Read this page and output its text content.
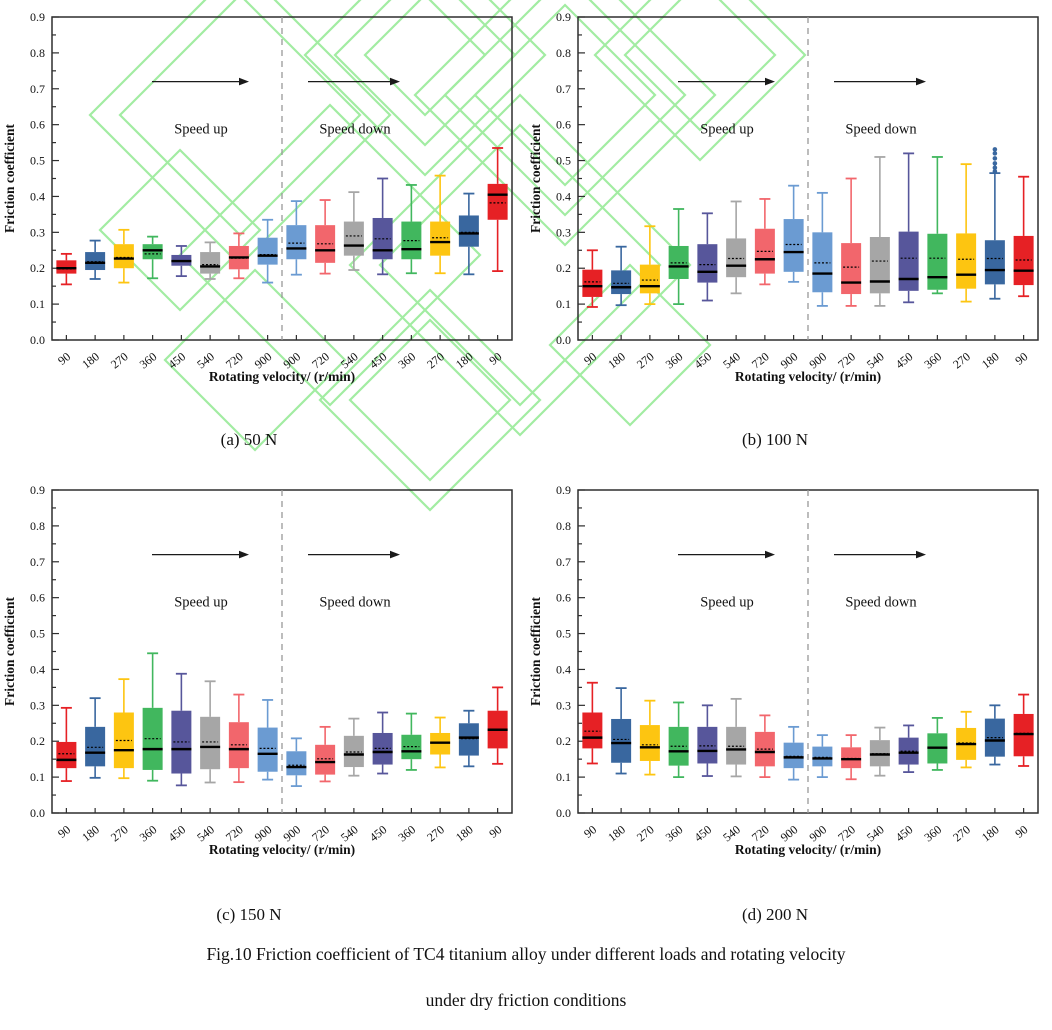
0.0
0.1
0.2
0.3
0.4
0.5
0.6
0.7
0.8
0.9
90 180 270 360 450 540 720 900 900 720 540 450 360 270 180 90
Rotating velocity/ (r/min)
Friction coefficient	Speed up	Speed down
0.0
0.1
0.2
0.3
0.4
0.5
0.6
0.7
0.8
0.9
90 180 270 360 450 540 720 900 900 720 540 450 360 270 180 90
Rotating velocity/ (r/min)
Friction coefficient	Speed up	Speed down
0.0
0.1
0.2
0.3
0.4
0.5
0.6
0.7
0.8
0.9
90 180 270 360 450 540 720 900 900 720 540 450 360 270 180 90
Rotating velocity/ (r/min)
Friction coefficient	Speed up	Speed down
0.0
0.1
0.2
0.3
0.4
0.5
0.6
0.7
0.8
0.9
90 180 270 360 450 540 720 900 900 720 540 450 360 270 180 90
Rotating velocity/ (r/min)
Friction coefficient	Speed up	Speed down
(a) 50 N	(b) 100 N
(c) 150 N	(d) 200 N
Fig.10 Friction coefficient of TC4 titanium alloy under different loads and rotating velocity
under dry friction conditions
